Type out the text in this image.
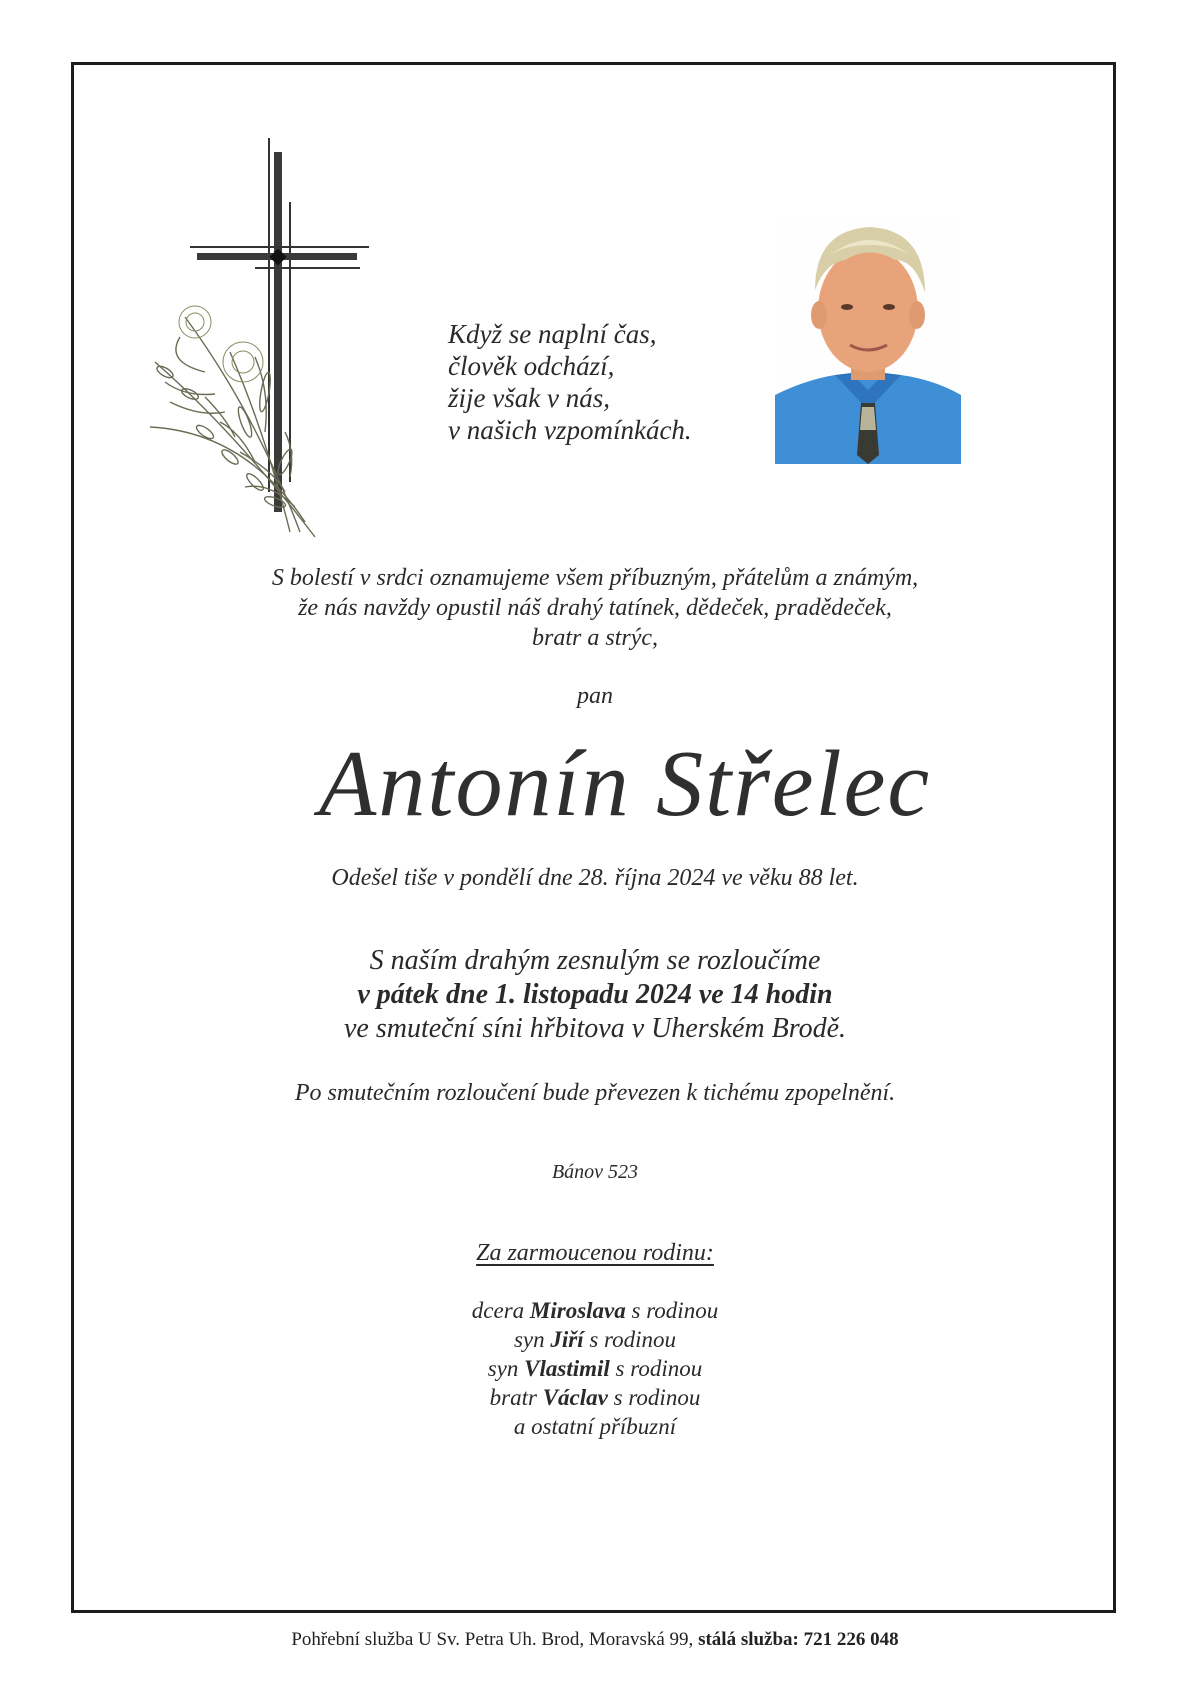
Když se naplní čas,
člověk odchází,
žije však v nás,
v našich vzpomínkách.
S bolestí v srdci oznamujeme všem příbuzným, přátelům a známým,
že nás navždy opustil náš drahý tatínek, dědeček, pradědeček,
bratr a strýc,
pan
Antonín Střelec
Odešel tiše v pondělí dne 28. října 2024 ve věku 88 let.
S naším drahým zesnulým se rozloučíme
v pátek dne 1. listopadu 2024 ve 14 hodin
ve smuteční síni hřbitova v Uherském Brodě.
Po smutečním rozloučení bude převezen k tichému zpopelnění.
Bánov 523
Za zarmoucenou rodinu:
dcera Miroslava s rodinou
syn Jiří s rodinou
syn Vlastimil s rodinou
bratr Václav s rodinou
a ostatní příbuzní
Pohřební služba U Sv. Petra Uh. Brod, Moravská 99, stálá služba: 721 226 048
